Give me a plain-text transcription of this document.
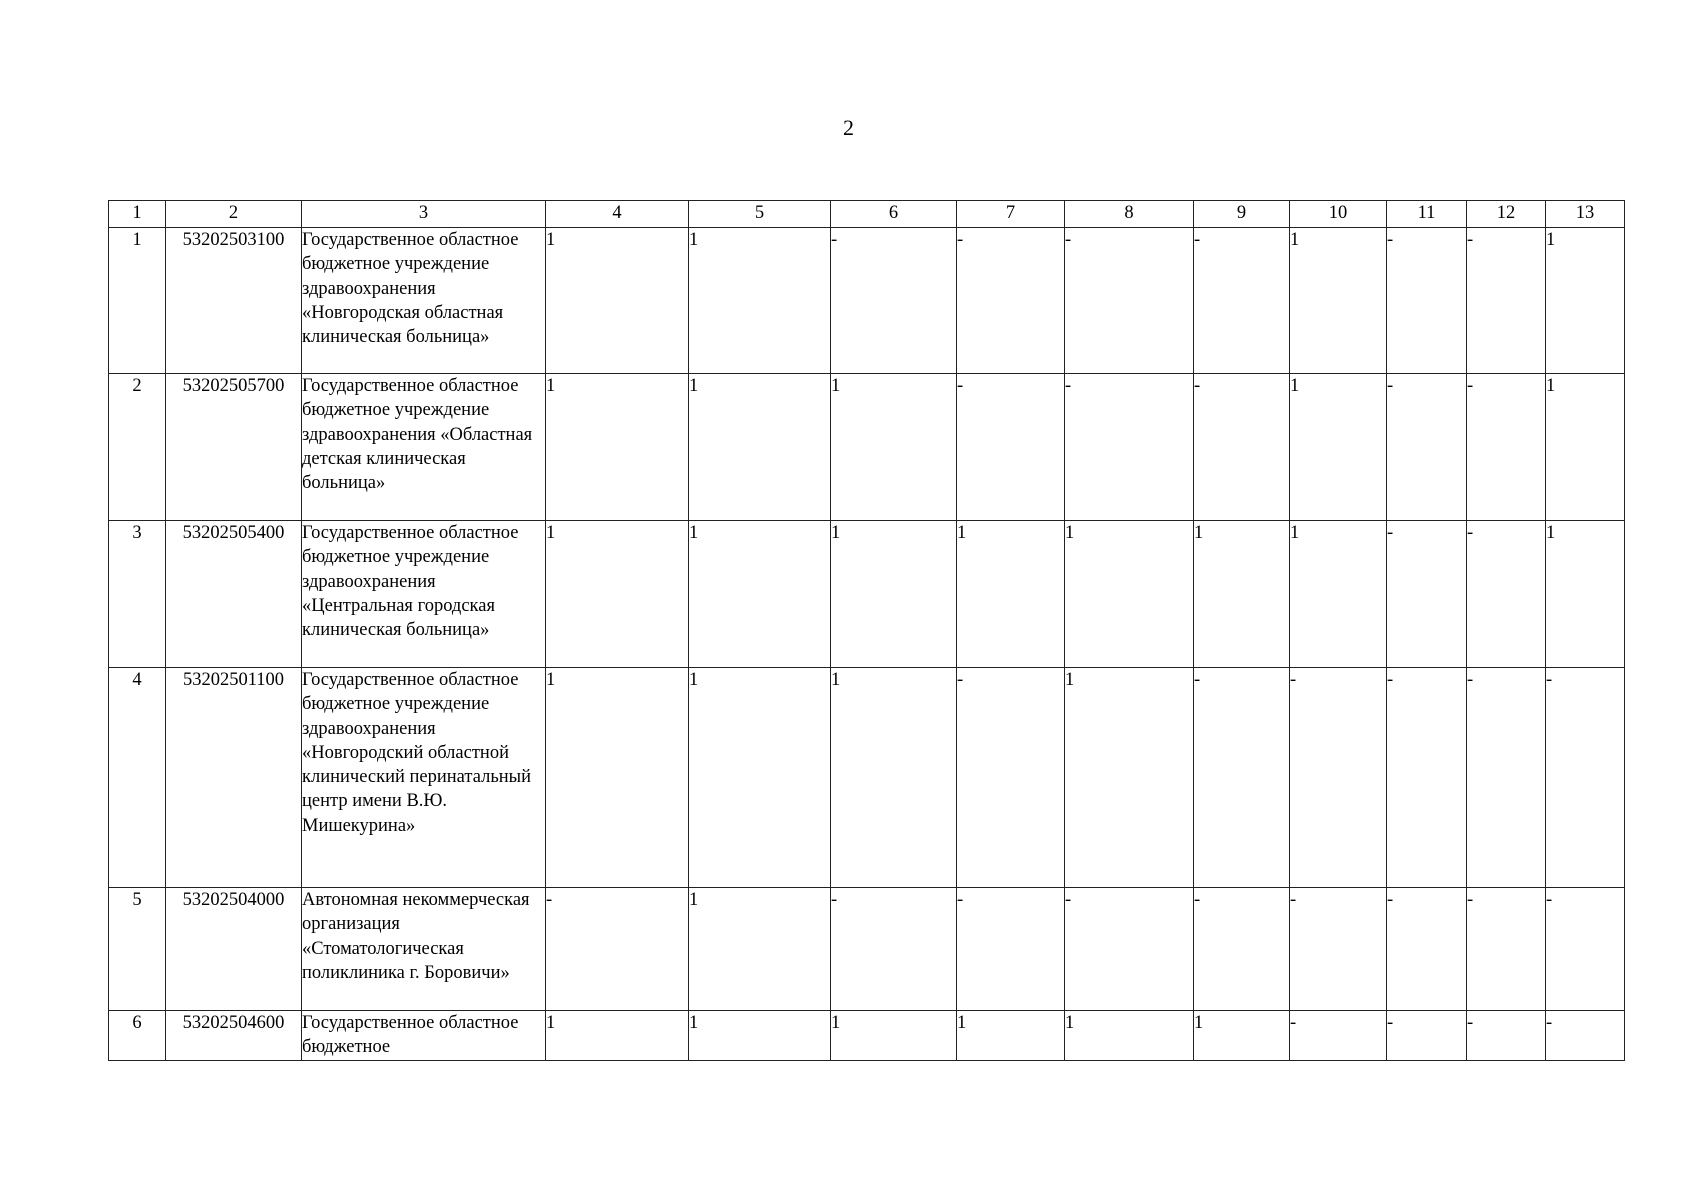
2
1	2	3	4	5	6	7	8	9	10	11	12	13
1	53202503100	Государственное областное бюджетное учреждение здравоохранения «Новгородская областная клиническая больница»	1	1	-	-	-	-	1	-	-	1
2	53202505700	Государственное областное бюджетное учреждение здравоохранения «Областная детская клиническая больница»	1	1	1	-	-	-	1	-	-	1
3	53202505400	Государственное областное бюджетное учреждение здравоохранения «Центральная городская клиническая больница»	1	1	1	1	1	1	1	-	-	1
4	53202501100	Государственное областное бюджетное учреждение здравоохранения «Новгородский областной клинический перинатальный центр имени В.Ю. Мишекурина»	1	1	1	-	1	-	-	-	-	-
5	53202504000	Автономная некоммерческая организация «Стоматологическая поликлиника г. Боровичи»	-	1	-	-	-	-	-	-	-	-
6	53202504600	Государственное областное бюджетное	1	1	1	1	1	1	-	-	-	-
